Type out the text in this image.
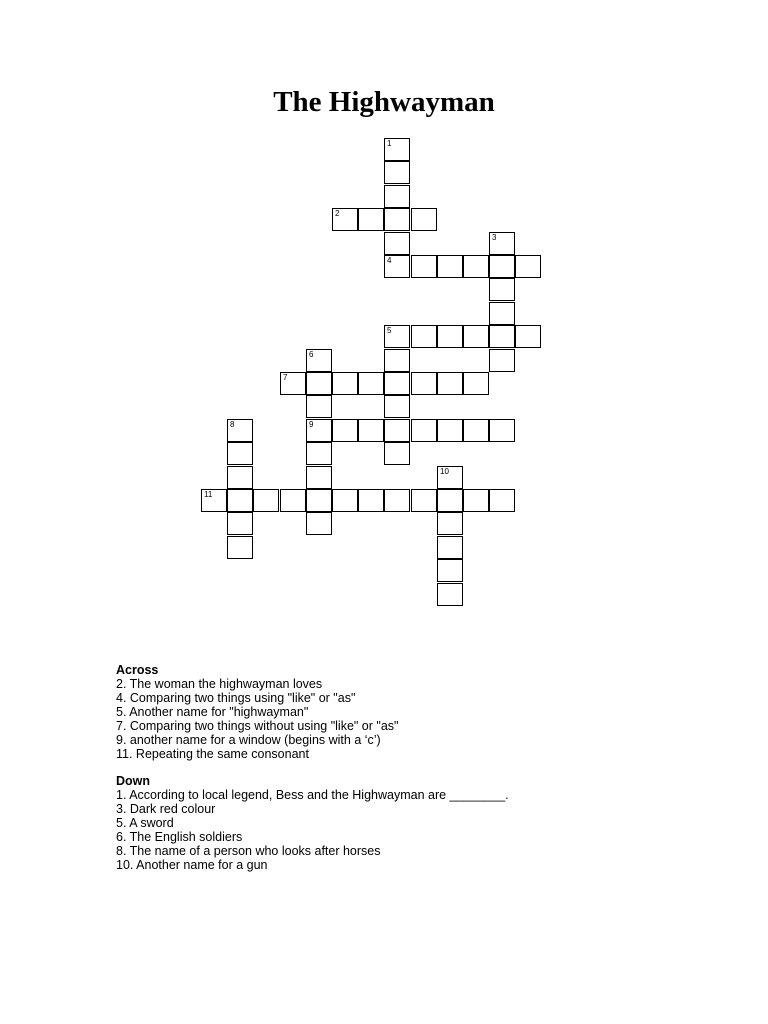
The Highwayman
1
4
2
3
5
6
9
7
8
10
11
Across
2. The woman the highwayman loves
4. Comparing two things using "like" or "as"
5. Another name for "highwayman"
7. Comparing two things without using "like" or "as"
9. another name for a window (begins with a ‘c’)
11. Repeating the same consonant
Down
1. According to local legend, Bess and the Highwayman are ________.
3. Dark red colour
5. A sword
6. The English soldiers
8. The name of a person who looks after horses
10. Another name for a gun
